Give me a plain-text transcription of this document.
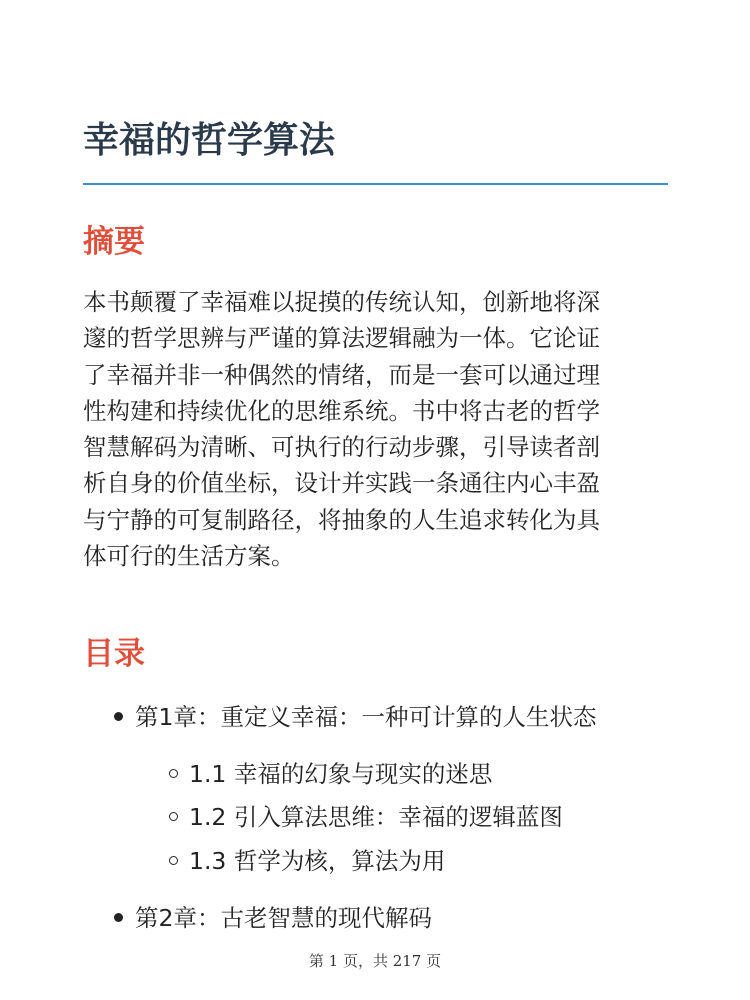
幸福的哲学算法
摘要

本书颠覆了幸福难以捉摸的传统认知，创新地将深
邃的哲学思辨与严谨的算法逻辑融为一体。它论证
了幸福并非一种偶然的情绪，而是一套可以通过理
性构建和持续优化的思维系统。书中将古老的哲学
智慧解码为清晰、可执行的行动步骤，引导读者剖
析自身的价值坐标，设计并实践一条通往内心丰盈
与宁静的可复制路径，将抽象的人生追求转化为具
体可行的生活方案。

目录
第1章：重定义幸福：一种可计算的人生状态
1.1 幸福的幻象与现实的迷思
1.2 引入算法思维：幸福的逻辑蓝图
1.3 哲学为核，算法为用
第2章：古老智慧的现代解码
第 1 页，共 217 页
